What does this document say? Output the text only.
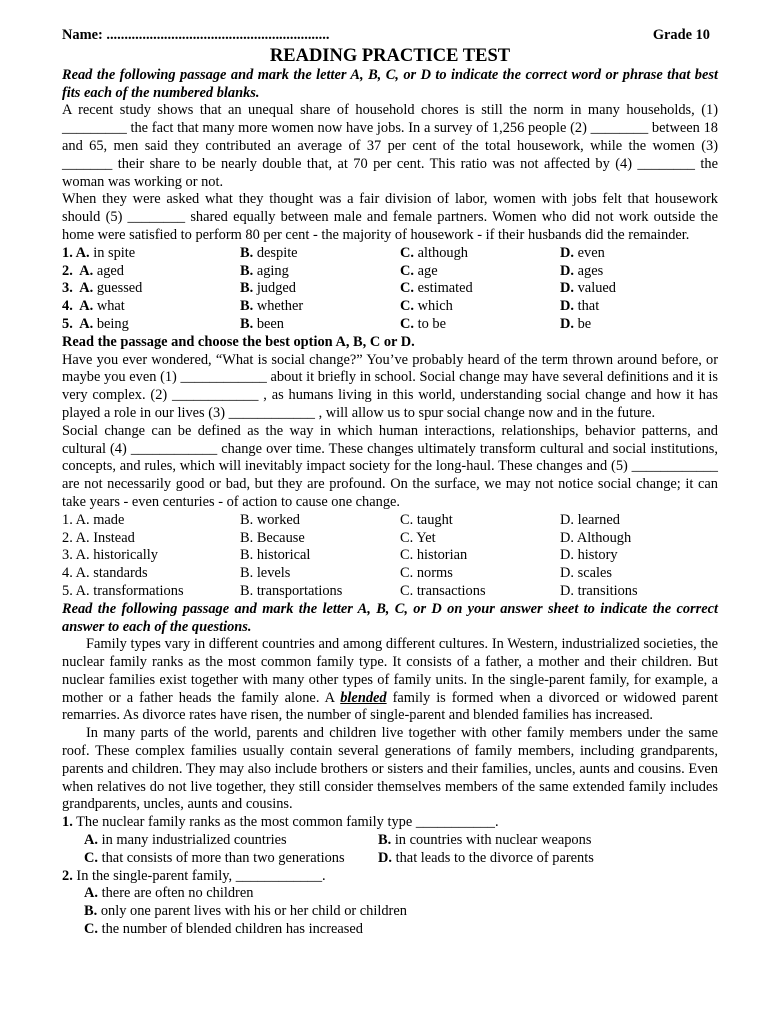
Name: ..............................................................	Grade 10
READING PRACTICE TEST
Read the following passage and mark the letter A, B, C, or D to indicate the correct word or phrase that best fits each of the numbered blanks.

A recent study shows that an unequal share of household chores is still the norm in many households, (1) _________ the fact that many more women now have jobs. In a survey of 1,256 people (2) ________ between 18 and 65, men said they contributed an average of 37 per cent of the total housework, while the women (3) _______ their share to be nearly double that, at 70 per cent. This ratio was not affected by (4) ________ the woman was working or not.

When they were asked what they thought was a fair division of labor, women with jobs felt that housework should (5) ________ shared equally between male and female partners. Women who did not work outside the home were satisfied to perform 80 per cent - the majority of housework - if their husbands did the remainder.

1. A. in spite	B. despite	C. although	D. even
2. A. aged	B. aging	C. age	D. ages
3. A. guessed	B. judged	C. estimated	D. valued
4. A. what	B. whether	C. which	D. that
5. A. being	B. been	C. to be	D. be
Read the passage and choose the best option A, B, C or D.

Have you ever wondered, “What is social change?” You’ve probably heard of the term thrown around before, or maybe you even (1) ____________ about it briefly in school. Social change may have several definitions and it is very complex. (2) ____________ , as humans living in this world, understanding social change and how it has played a role in our lives (3) ____________ , will allow us to spur social change now and in the future.

Social change can be defined as the way in which human interactions, relationships, behavior patterns, and cultural (4) ____________ change over time. These changes ultimately transform cultural and social institutions, concepts, and rules, which will inevitably impact society for the long-haul. These changes and (5) ____________ are not necessarily good or bad, but they are profound. On the surface, we may not notice social change; it can take years - even centuries - of action to cause one change.

1. A. made	B. worked	C. taught	D. learned
2. A. Instead	B. Because	C. Yet	D. Although
3. A. historically	B. historical	C. historian	D. history
4. A. standards	B. levels	C. norms	D. scales
5. A. transformations	B. transportations	C. transactions	D. transitions
Read the following passage and mark the letter A, B, C, or D on your answer sheet to indicate the correct answer to each of the questions.

Family types vary in different countries and among different cultures. In Western, industrialized societies, the nuclear family ranks as the most common family type. It consists of a father, a mother and their children. But nuclear families exist together with many other types of family units. In the single-parent family, for example, a mother or a father heads the family alone. A blended family is formed when a divorced or widowed parent remarries. As divorce rates have risen, the number of single-parent and blended families has increased.

In many parts of the world, parents and children live together with other family members under the same roof. These complex families usually contain several generations of family members, including grandparents, parents and children. They may also include brothers or sisters and their families, uncles, aunts and cousins. Even when relatives do not live together, they still consider themselves members of the same extended family includes grandparents, uncles, aunts and cousins.

1. The nuclear family ranks as the most common family type ___________.
A. in many industrialized countries	B. in countries with nuclear weapons
C. that consists of more than two generations	D. that leads to the divorce of parents
2. In the single-parent family, ____________.
A. there are often no children
B. only one parent lives with his or her child or children
C. the number of blended children has increased
